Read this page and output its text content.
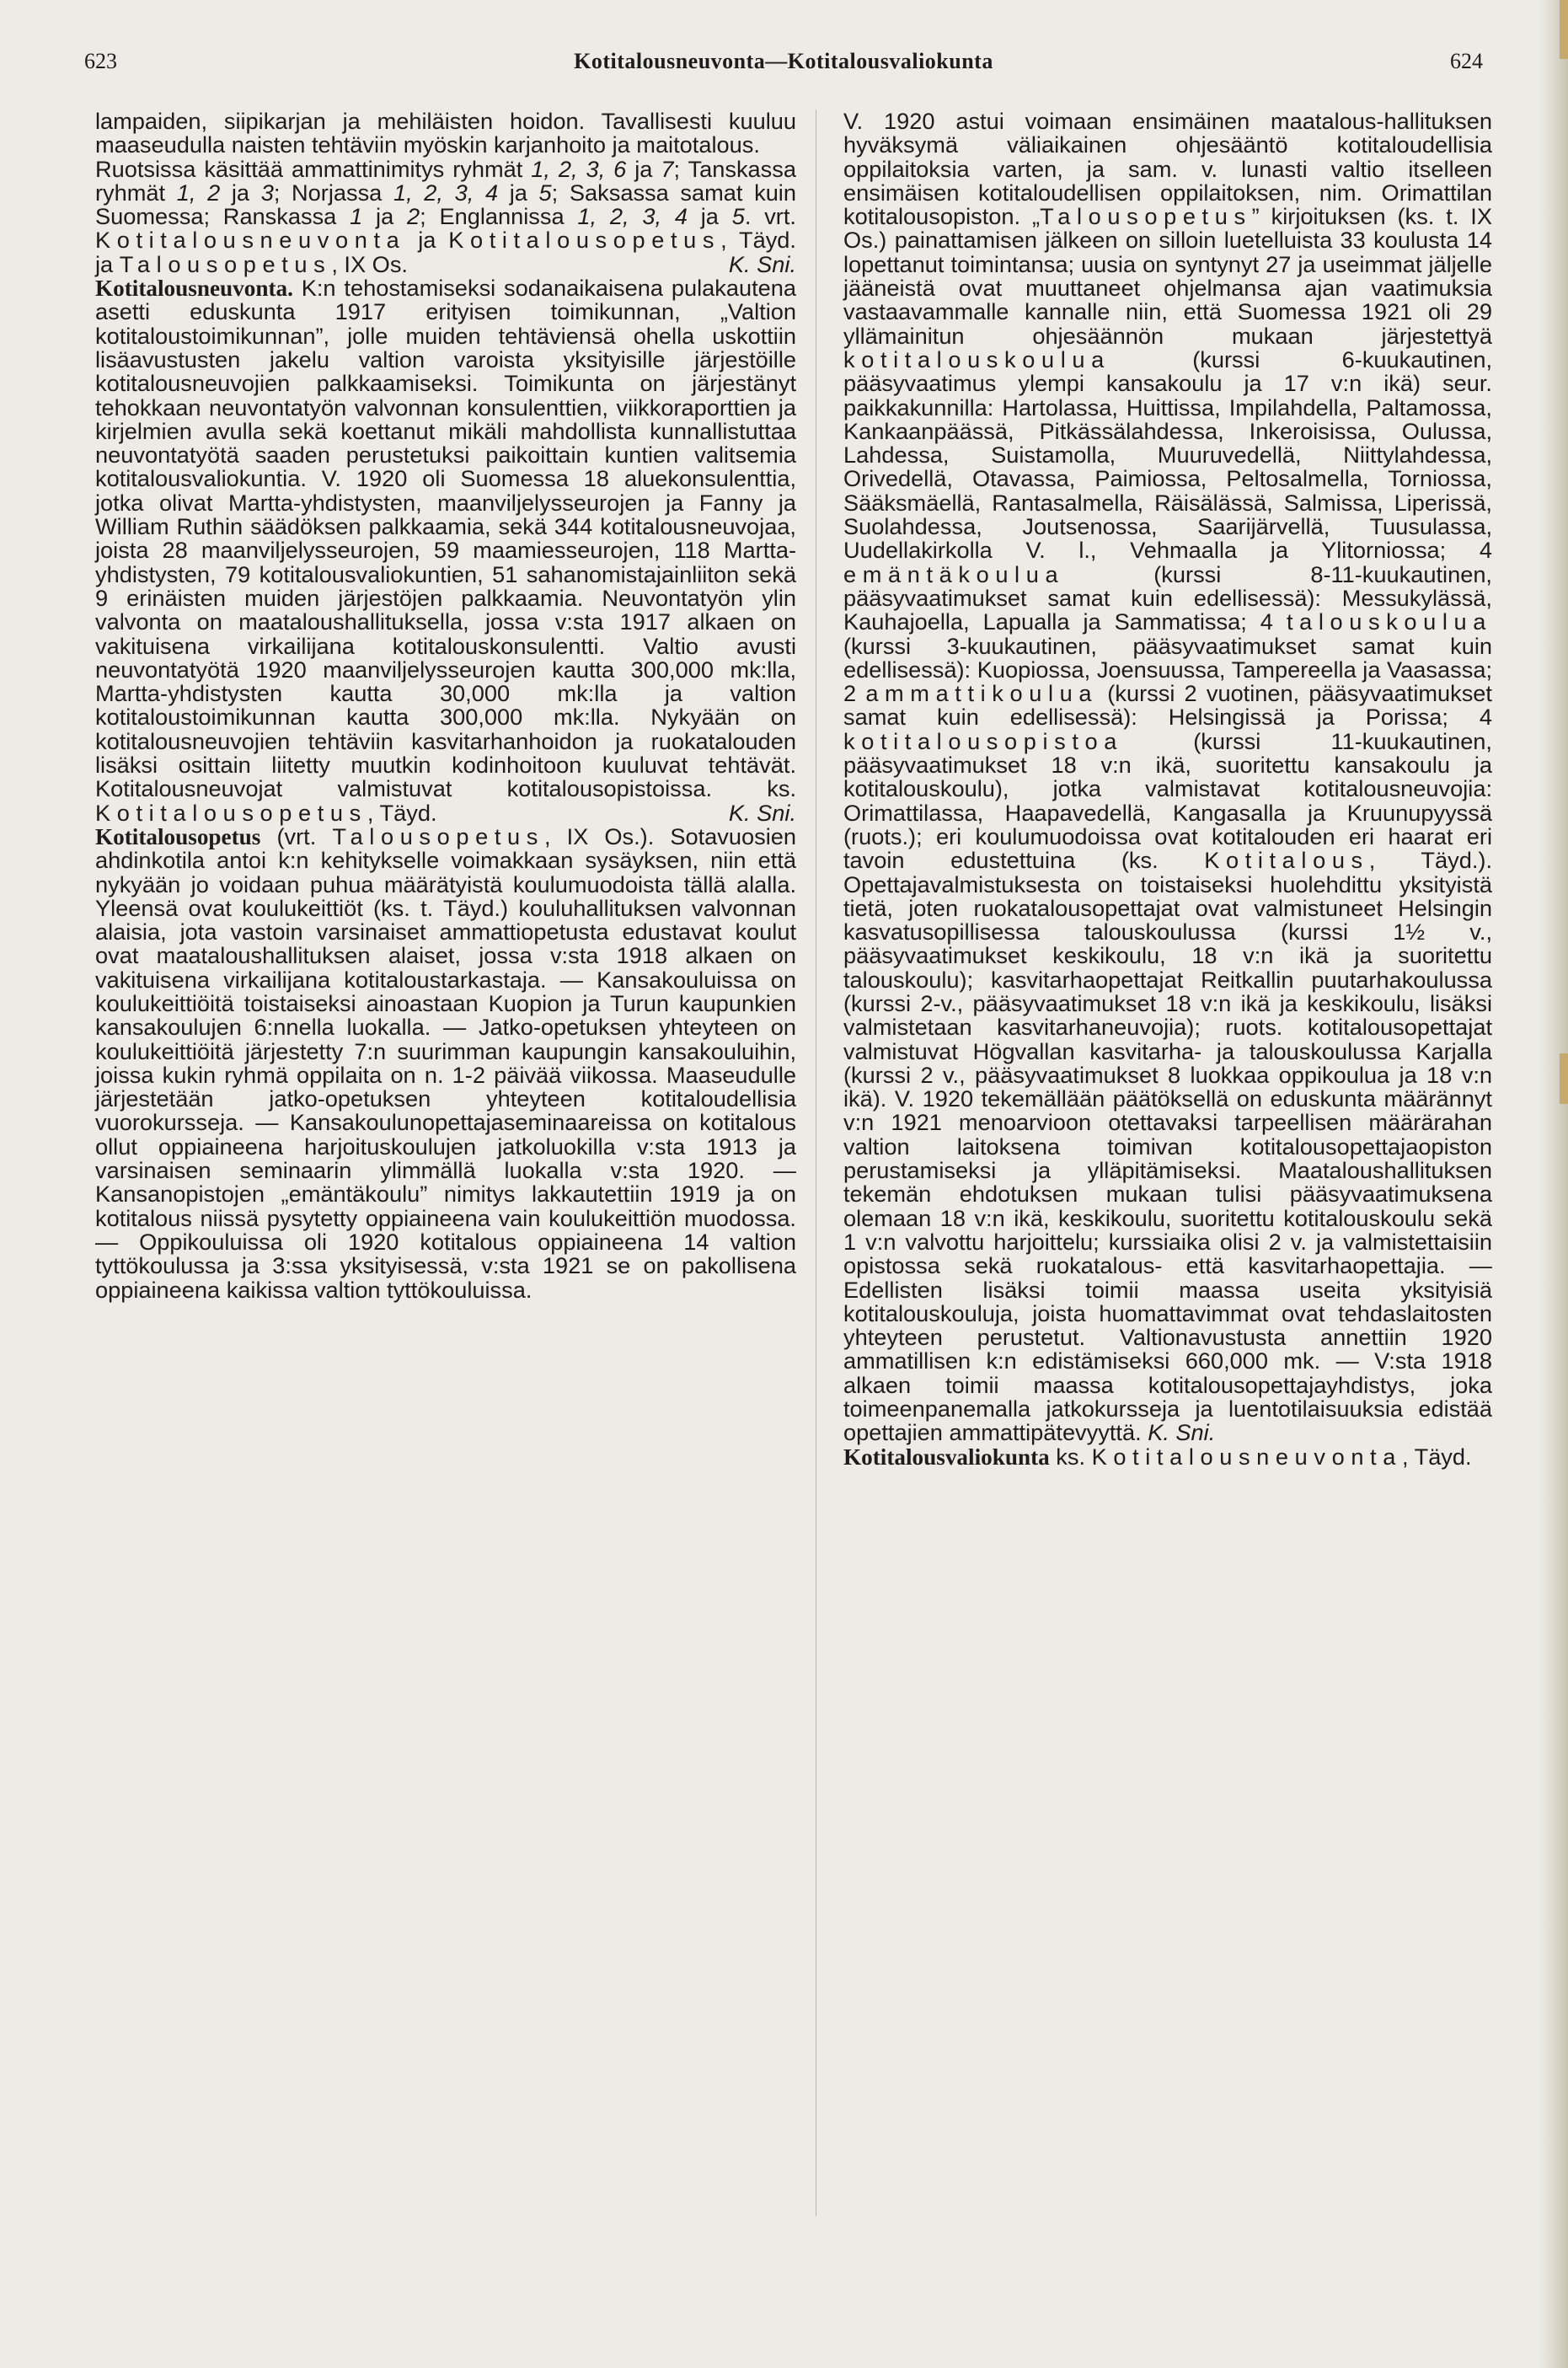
623	Kotitalousneuvonta—Kotitalousvaliokunta	624

lampaiden, siipikarjan ja mehiläisten hoidon. Tavallisesti kuuluu maaseudulla naisten tehtäviin myöskin karjanhoito ja maitotalous.

Ruotsissa käsittää ammattinimitys ryhmät 1, 2, 3, 6 ja 7; Tanskassa ryhmät 1, 2 ja 3; Norjassa 1, 2, 3, 4 ja 5; Saksassa samat kuin Suomessa; Ranskassa 1 ja 2; Englannissa 1, 2, 3, 4 ja 5. vrt. Kotitalousneuvonta ja Kotitalousopetus, Täyd. ja Talousopetus, IX Os.	K. Sni.

Kotitalousneuvonta. K:n tehostamiseksi sodanaikaisena pulakautena asetti eduskunta 1917 erityisen toimikunnan, „Valtion kotitaloustoimikunnan”, jolle muiden tehtäviensä ohella uskottiin lisäavustusten jakelu valtion varoista yksityisille järjestöille kotitalousneuvojien palkkaamiseksi. Toimikunta on järjestänyt tehokkaan neuvontatyön valvonnan konsulenttien, viikkoraporttien ja kirjelmien avulla sekä koettanut mikäli mahdollista kunnallistuttaa neuvontatyötä saaden perustetuksi paikoittain kuntien valitsemia kotitalousvaliokuntia. V. 1920 oli Suomessa 18 aluekonsulenttia, jotka olivat Martta-yhdistysten, maanviljelysseurojen ja Fanny ja William Ruthin säädöksen palkkaamia, sekä 344 kotitalousneuvojaa, joista 28 maanviljelysseurojen, 59 maamiesseurojen, 118 Martta-yhdistysten, 79 kotitalousvaliokuntien, 51 sahanomistajainliiton sekä 9 erinäisten muiden järjestöjen palkkaamia. Neuvontatyön ylin valvonta on maataloushallituksella, jossa v:sta 1917 alkaen on vakituisena virkailijana kotitalouskonsulentti. Valtio avusti neuvontatyötä 1920 maanviljelysseurojen kautta 300,000 mk:lla, Martta-yhdistysten kautta 30,000 mk:lla ja valtion kotitaloustoimikunnan kautta 300,000 mk:lla. Nykyään on kotitalousneuvojien tehtäviin kasvitarhanhoidon ja ruokatalouden lisäksi osittain liitetty muutkin kodinhoitoon kuuluvat tehtävät. Kotitalousneuvojat valmistuvat kotitalousopistoissa. ks. Kotitalousopetus, Täyd.	K. Sni.

Kotitalousopetus (vrt. Talousopetus, IX Os.). Sotavuosien ahdinkotila antoi k:n kehitykselle voimakkaan sysäyksen, niin että nykyään jo voidaan puhua määrätyistä koulumuodoista tällä alalla. Yleensä ovat koulukeittiöt (ks. t. Täyd.) kouluhallituksen valvonnan alaisia, jota vastoin varsinaiset ammattiopetusta edustavat koulut ovat maataloushallituksen alaiset, jossa v:sta 1918 alkaen on vakituisena virkailijana kotitaloustarkastaja. — Kansakouluissa on koulukeittiöitä toistaiseksi ainoastaan Kuopion ja Turun kaupunkien kansakoulujen 6:nnella luokalla. — Jatko-opetuksen yhteyteen on koulukeittiöitä järjestetty 7:n suurimman kaupungin kansakouluihin, joissa kukin ryhmä oppilaita on n. 1-2 päivää viikossa. Maaseudulle järjestetään jatko-opetuksen yhteyteen kotitaloudellisia vuorokursseja. — Kansakoulunopettajaseminaareissa on kotitalous ollut oppiaineena harjoituskoulujen jatkoluokilla v:sta 1913 ja varsinaisen seminaarin ylimmällä luokalla v:sta 1920. — Kansanopistojen „emäntäkoulu” nimitys lakkautettiin 1919 ja on kotitalous niissä pysytetty oppiaineena vain koulukeittiön muodossa. — Oppikouluissa oli 1920 kotitalous oppiaineena 14 valtion tyttökoulussa ja 3:ssa yksityisessä, v:sta 1921 se on pakollisena oppiaineena kaikissa valtion tyttökouluissa.

V. 1920 astui voimaan ensimäinen maatalous-hallituksen hyväksymä väliaikainen ohjesääntö kotitaloudellisia oppilaitoksia varten, ja sam. v. lunasti valtio itselleen ensimäisen kotitaloudellisen oppilaitoksen, nim. Orimattilan kotitalousopiston. „Talousopetus” kirjoituksen (ks. t. IX Os.) painattamisen jälkeen on silloin luetelluista 33 koulusta 14 lopettanut toimintansa; uusia on syntynyt 27 ja useimmat jäljelle jääneistä ovat muuttaneet ohjelmansa ajan vaatimuksia vastaavammalle kannalle niin, että Suomessa 1921 oli 29 yllämainitun ohjesäännön mukaan järjestettyä kotitalouskoulua (kurssi 6-kuukautinen, pääsyvaatimus ylempi kansakoulu ja 17 v:n ikä) seur. paikkakunnilla: Hartolassa, Huittissa, Impilahdella, Paltamossa, Kankaanpäässä, Pitkässälahdessa, Inkeroisissa, Oulussa, Lahdessa, Suistamolla, Muuruvedellä, Niittylahdessa, Orivedellä, Otavassa, Paimiossa, Peltosalmella, Torniossa, Sääksmäellä, Rantasalmella, Räisälässä, Salmissa, Liperissä, Suolahdessa, Joutsenossa, Saarijärvellä, Tuusulassa, Uudellakirkolla V. l., Vehmaalla ja Ylitorniossa; 4 emäntäkoulua (kurssi 8-11-kuukautinen, pääsyvaatimukset samat kuin edellisessä): Messukylässä, Kauhajoella, Lapualla ja Sammatissa; 4 talouskoulua (kurssi 3-kuukautinen, pääsyvaatimukset samat kuin edellisessä): Kuopiossa, Joensuussa, Tampereella ja Vaasassa; 2 ammattikoulua (kurssi 2 vuotinen, pääsyvaatimukset samat kuin edellisessä): Helsingissä ja Porissa; 4 kotitalousopistoa (kurssi 11-kuukautinen, pääsyvaatimukset 18 v:n ikä, suoritettu kansakoulu ja kotitalouskoulu), jotka valmistavat kotitalousneuvojia: Orimattilassa, Haapavedellä, Kangasalla ja Kruunupyyssä (ruots.); eri koulumuodoissa ovat kotitalouden eri haarat eri tavoin edustettuina (ks. Kotitalous, Täyd.). Opettajavalmistuksesta on toistaiseksi huolehdittu yksityistä tietä, joten ruokatalousopettajat ovat valmistuneet Helsingin kasvatusopillisessa talouskoulussa (kurssi 1½ v., pääsyvaatimukset keskikoulu, 18 v:n ikä ja suoritettu talouskoulu); kasvitarhaopettajat Reitkallin puutarhakoulussa (kurssi 2-v., pääsyvaatimukset 18 v:n ikä ja keskikoulu, lisäksi valmistetaan kasvitarhaneuvojia); ruots. kotitalousopettajat valmistuvat Högvallan kasvitarha- ja talouskoulussa Karjalla (kurssi 2 v., pääsyvaatimukset 8 luokkaa oppikoulua ja 18 v:n ikä). V. 1920 tekemällään päätöksellä on eduskunta määrännyt v:n 1921 menoarvioon otettavaksi tarpeellisen määrärahan valtion laitoksena toimivan kotitalousopettajaopiston perustamiseksi ja ylläpitämiseksi. Maataloushallituksen tekemän ehdotuksen mukaan tulisi pääsyvaatimuksena olemaan 18 v:n ikä, keskikoulu, suoritettu kotitalouskoulu sekä 1 v:n valvottu harjoittelu; kurssiaika olisi 2 v. ja valmistettaisiin opistossa sekä ruokatalous- että kasvitarhaopettajia. — Edellisten lisäksi toimii maassa useita yksityisiä kotitalouskouluja, joista huomattavimmat ovat tehdaslaitosten yhteyteen perustetut. Valtionavustusta annettiin 1920 ammatillisen k:n edistämiseksi 660,000 mk. — V:sta 1918 alkaen toimii maassa kotitalousopettajayhdistys, joka toimeenpanemalla jatkokursseja ja luentotilaisuuksia edistää opettajien ammattipätevyyttä. K. Sni.

Kotitalousvaliokunta ks. Kotitalousneuvonta, Täyd.
